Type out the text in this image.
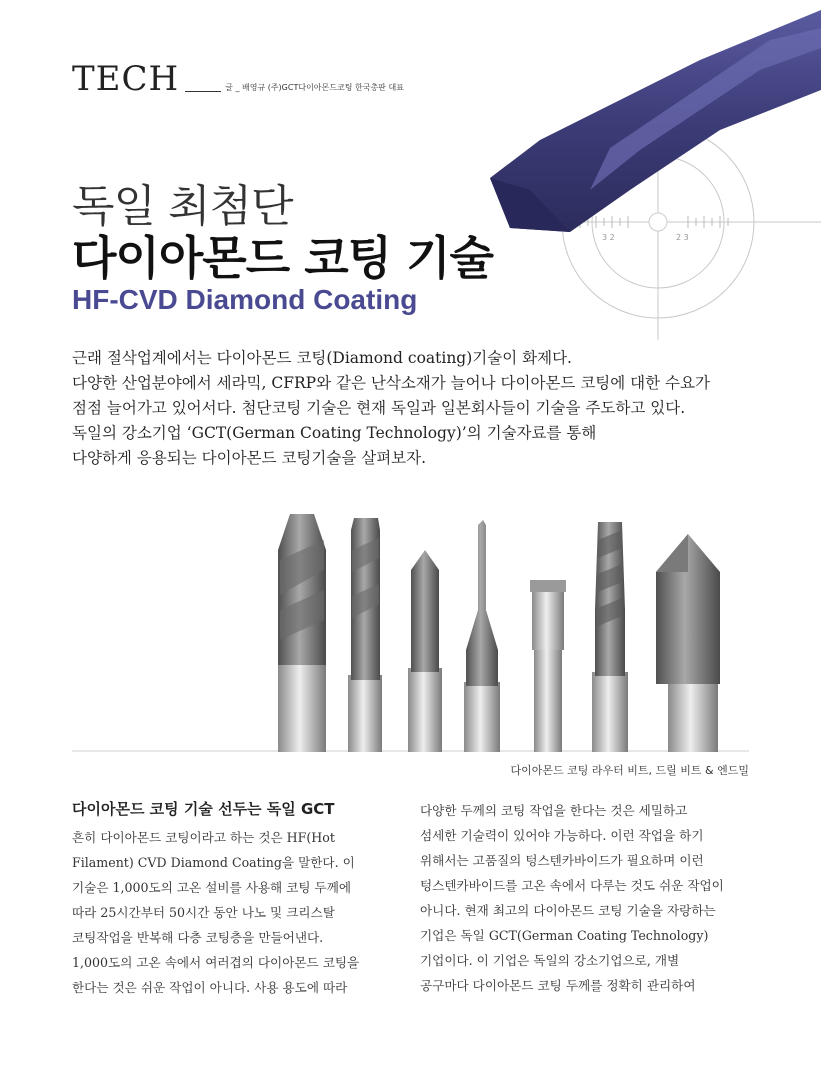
TECH	글 _ 배영규 (주)GCT다이아몬드코팅 한국총판 대표
3 2	2 3
독일 최첨단
다이아몬드 코팅 기술
HF-CVD Diamond Coating

근래 절삭업계에서는 다이아몬드 코팅(Diamond coating)기술이 화제다.

다양한 산업분야에서 세라믹, CFRP와 같은 난삭소재가 늘어나 다이아몬드 코팅에 대한 수요가

점점 늘어가고 있어서다. 첨단코팅 기술은 현재 독일과 일본회사들이 기술을 주도하고 있다.

독일의 강소기업 ‘GCT(German Coating Technology)’의 기술자료를 통해

다양하게 응용되는 다이아몬드 코팅기술을 살펴보자.

다이아몬드 코팅 라우터 비트, 드릴 비트 & 엔드밀
다이아몬드 코팅 기술 선두는 독일 GCT

흔히 다이아몬드 코팅이라고 하는 것은 HF(Hot

Filament) CVD Diamond Coating을 말한다. 이

기술은 1,000도의 고온 설비를 사용해 코팅 두께에

따라 25시간부터 50시간 동안 나노 및 크리스탈

코팅작업을 반복해 다층 코팅층을 만들어낸다.

1,000도의 고온 속에서 여러겹의 다이아몬드 코팅을

한다는 것은 쉬운 작업이 아니다. 사용 용도에 따라

다양한 두께의 코팅 작업을 한다는 것은 세밀하고

섬세한 기술력이 있어야 가능하다. 이런 작업을 하기

위해서는 고품질의 텅스텐카바이드가 필요하며 이런

텅스텐카바이드를 고온 속에서 다루는 것도 쉬운 작업이

아니다. 현재 최고의 다이아몬드 코팅 기술을 자랑하는

기업은 독일 GCT(German Coating Technology)

기업이다. 이 기업은 독일의 강소기업으로, 개별

공구마다 다이아몬드 코팅 두께를 정확히 관리하여
